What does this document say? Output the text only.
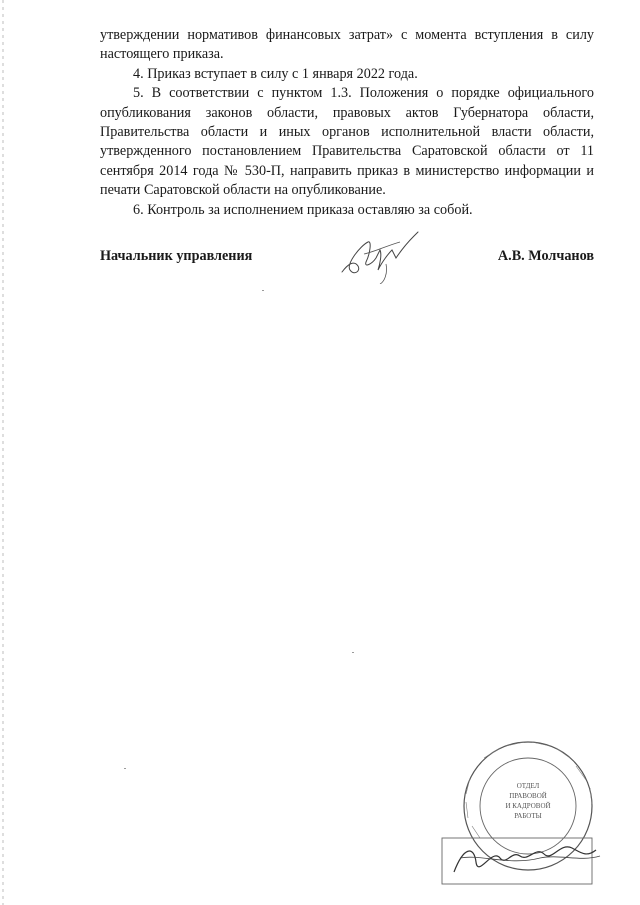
утверждении нормативов финансовых затрат» с момента вступления в силу настоящего приказа.

4. Приказ вступает в силу с 1 января 2022 года.

5. В соответствии с пунктом 1.3. Положения о порядке официального опубликования законов области, правовых актов Губернатора области, Правительства области и иных органов исполнительной власти области, утвержденного постановлением Правительства Саратовской области от 11 сентября 2014 года № 530-П, направить приказ в министерство информации и печати Саратовской области на опубликование.

6. Контроль за исполнением приказа оставляю за собой.

Начальник управления	А.В. Молчанов
ОТДЕЛ
ПРАВОВОЙ
И КАДРОВОЙ
РАБОТЫ
